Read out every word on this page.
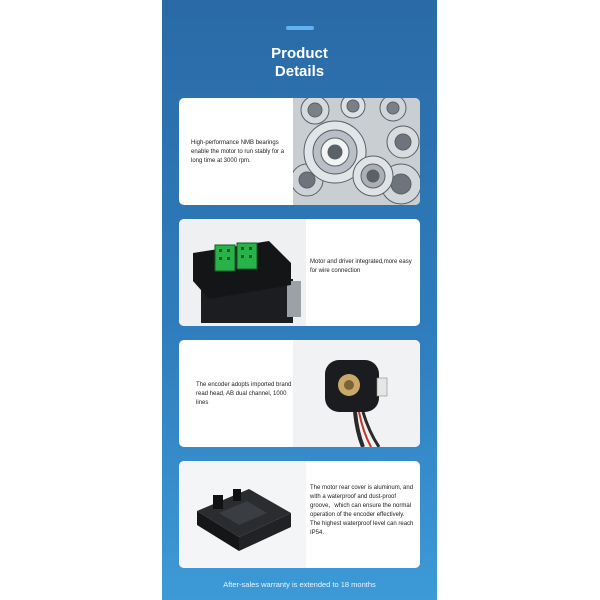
Product
Details
High-performance NMB bearings enable the motor to run stably for a long time at 3000 rpm.
Motor and driver integrated,more easy for wire connection
The encoder adopts imported brand read head, AB dual channel, 1000 lines
The motor rear cover is aluminum, and with a waterproof and dust-proof groove，which can ensure the normal operation of the encoder effectively. The highest waterproof level can reach IP54.
After-sales warranty is extended to 18 months
